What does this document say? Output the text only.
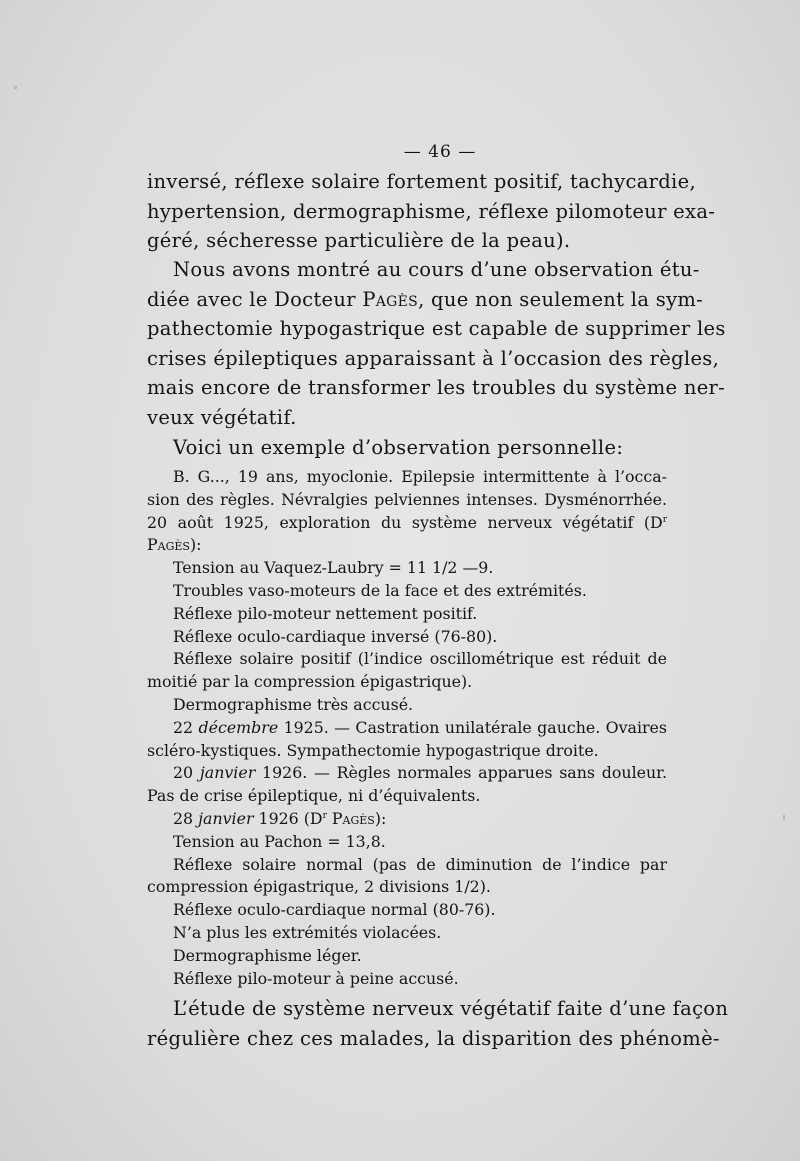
— 46 —
inversé, réflexe solaire fortement positif, tachycardie,
hypertension, dermographisme, réflexe pilomoteur exa-
géré, sécheresse particulière de la peau).
Nous avons montré au cours d’une observation étu-
diée avec le Docteur Pagès, que non seulement la sym-
pathectomie hypogastrique est capable de supprimer les
crises épileptiques apparaissant à l’occasion des règles,
mais encore de transformer les troubles du système ner-
veux végétatif.
Voici un exemple d’observation personnelle:
B. G..., 19 ans, myoclonie. Epilepsie intermittente à l’occa-
sion des règles. Névralgies pelviennes intenses. Dysménorrhée.
20 août 1925, exploration du système nerveux végétatif ($D^r$
Pagès):
Tension au Vaquez-Laubry = 11 1/2 —9.
Troubles vaso-moteurs de la face et des extrémités.
Réflexe pilo-moteur nettement positif.
Réflexe oculo-cardiaque inversé (76-80).
Réflexe solaire positif (l’indice oscillométrique est réduit de
moitié par la compression épigastrique).
Dermographisme très accusé.
22 décembre 1925. — Castration unilatérale gauche. Ovaires
scléro-kystiques. Sympathectomie hypogastrique droite.
20 janvier 1926. — Règles normales apparues sans douleur.
Pas de crise épileptique, ni d’équivalents.
28 janvier 1926 ($D^r$ Pagès):
Tension au Pachon = 13,8.
Réflexe solaire normal (pas de diminution de l’indice par
compression épigastrique, 2 divisions 1/2).
Réflexe oculo-cardiaque normal (80-76).
N’a plus les extrémités violacées.
Dermographisme léger.
Réflexe pilo-moteur à peine accusé.
L’étude de système nerveux végétatif faite d’une façon
régulière chez ces malades, la disparition des phénomè-
